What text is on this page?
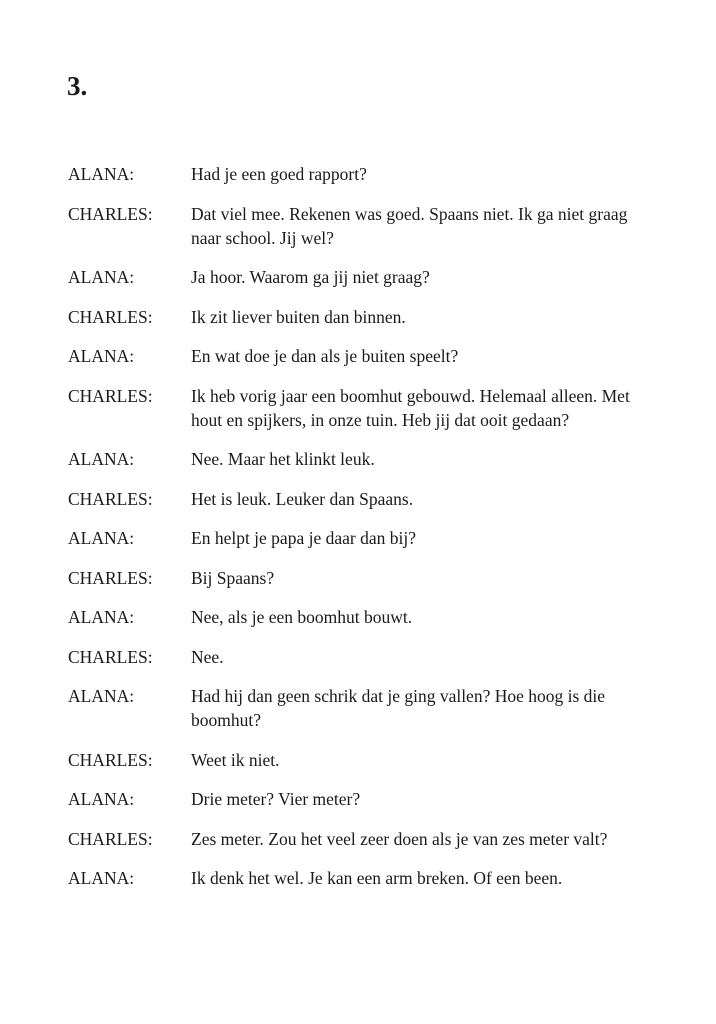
3.
ALANA:	Had je een goed rapport?
CHARLES:	Dat viel mee. Rekenen was goed. Spaans niet. Ik ga niet graag naar school. Jij wel?
ALANA:	Ja hoor. Waarom ga jij niet graag?
CHARLES:	Ik zit liever buiten dan binnen.
ALANA:	En wat doe je dan als je buiten speelt?
CHARLES:	Ik heb vorig jaar een boomhut gebouwd. Helemaal alleen. Met hout en spijkers, in onze tuin. Heb jij dat ooit gedaan?
ALANA:	Nee. Maar het klinkt leuk.
CHARLES:	Het is leuk. Leuker dan Spaans.
ALANA:	En helpt je papa je daar dan bij?
CHARLES:	Bij Spaans?
ALANA:	Nee, als je een boomhut bouwt.
CHARLES:	Nee.
ALANA:	Had hij dan geen schrik dat je ging vallen? Hoe hoog is die boomhut?
CHARLES:	Weet ik niet.
ALANA:	Drie meter? Vier meter?
CHARLES:	Zes meter. Zou het veel zeer doen als je van zes meter valt?
ALANA:	Ik denk het wel. Je kan een arm breken. Of een been.
